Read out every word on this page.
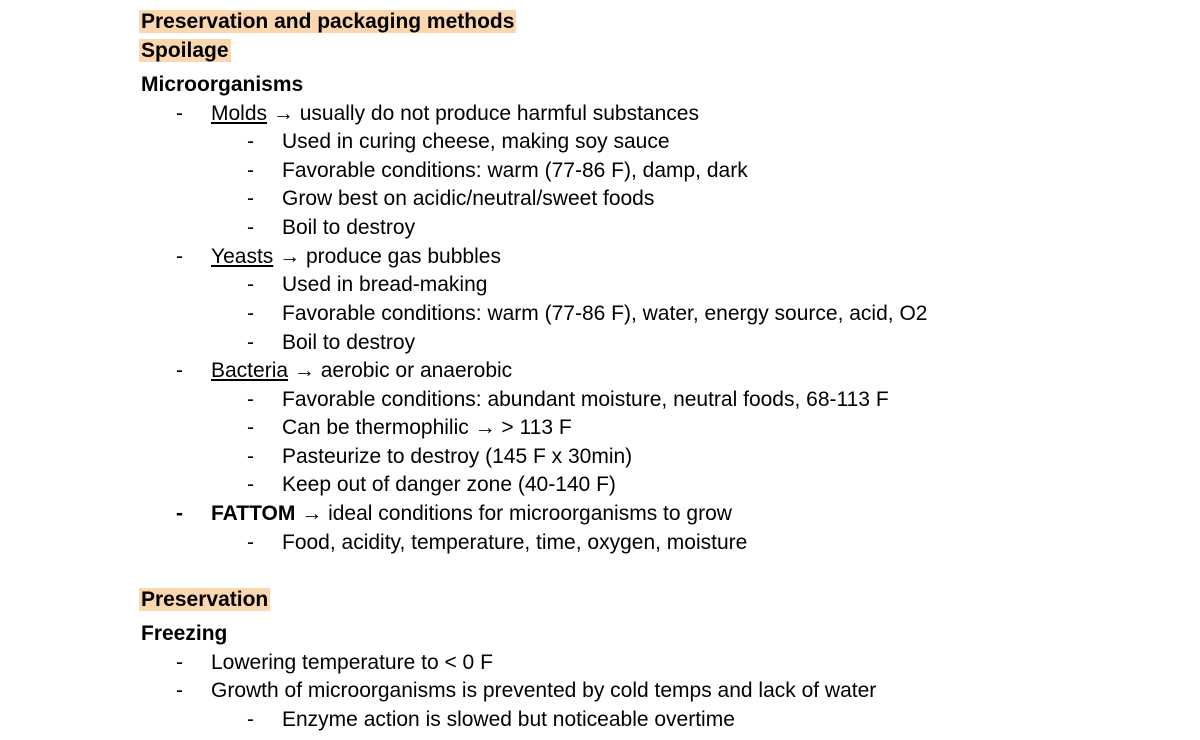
Preservation and packaging methods
Spoilage
Microorganisms
- Molds → usually do not produce harmful substances
- Used in curing cheese, making soy sauce
- Favorable conditions: warm (77-86 F), damp, dark
- Grow best on acidic/neutral/sweet foods
- Boil to destroy
- Yeasts → produce gas bubbles
- Used in bread-making
- Favorable conditions: warm (77-86 F), water, energy source, acid, O2
- Boil to destroy
- Bacteria → aerobic or anaerobic
- Favorable conditions: abundant moisture, neutral foods, 68-113 F
- Can be thermophilic → > 113 F
- Pasteurize to destroy (145 F x 30min)
- Keep out of danger zone (40-140 F)
- FATTOM → ideal conditions for microorganisms to grow
- Food, acidity, temperature, time, oxygen, moisture
Preservation
Freezing
- Lowering temperature to < 0 F
- Growth of microorganisms is prevented by cold temps and lack of water
- Enzyme action is slowed but noticeable overtime
